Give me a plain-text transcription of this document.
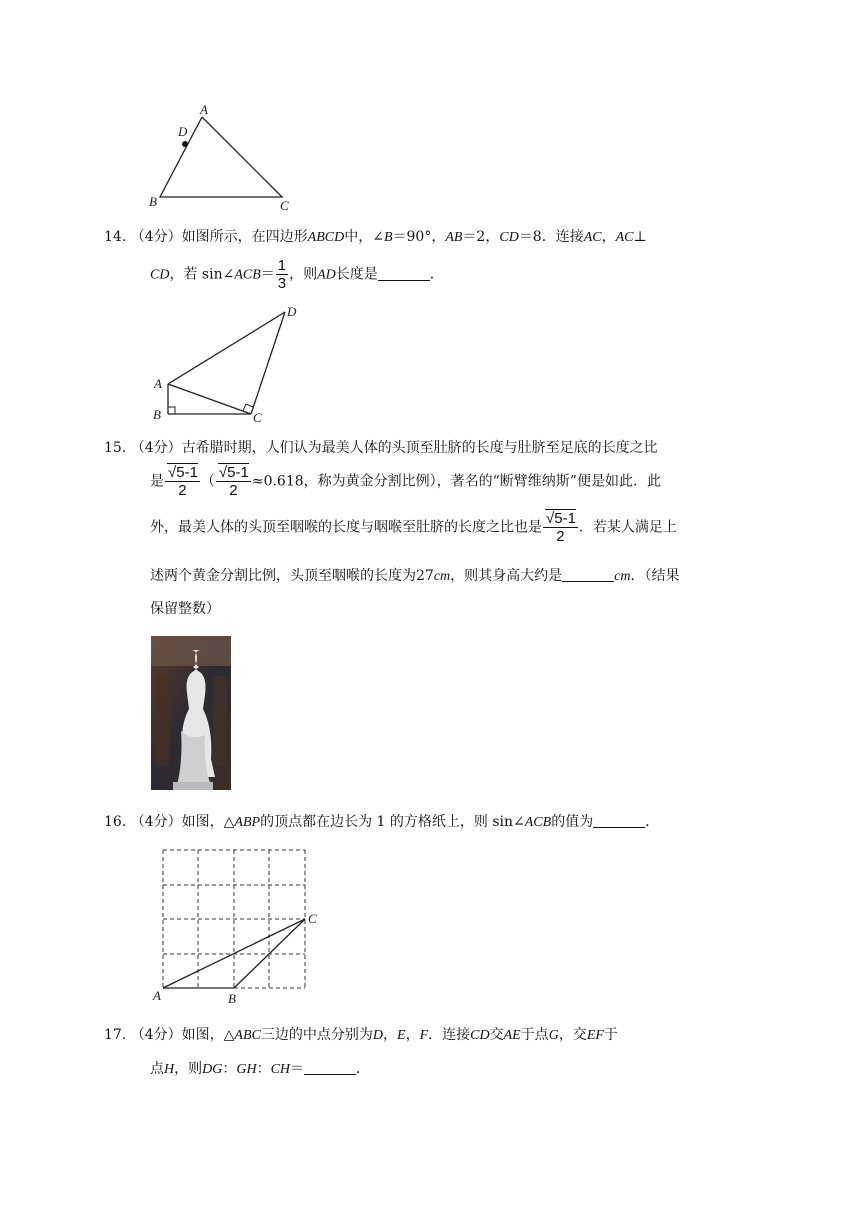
A
D
B	C
14. （4分）如图所示，在四边形ABCD中，∠B＝90°，AB＝2，CD＝8．连接AC，AC⊥
CD，若 sin∠ACB＝ $\frac{1}{3}$ ，则AD长度是	．
A
B	C
D
15. （4分）古希腊时期，人们认为最美人体的头顶至肚脐的长度与肚脐至足底的长度之比
是 $\frac{√5-1}{2}$ （ $\frac{√5-1}{2} \approx 0.618$，称为黄金分割比例），著名的“断臂维纳斯”便是如此．此
外，最美人体的头顶至咽喉的长度与咽喉至肚脐的长度之比也是 $\frac{√5-1}{2}$ ．若某人满足上
述两个黄金分割比例，头顶至咽喉的长度为27cm，则其身高大约是	cm．（结果
保留整数）
16. （4分）如图，△ABP的顶点都在边长为 1 的方格纸上，则 sin∠ACB的值为	．
A	B
C
17. （4分）如图，△ABC三边的中点分别为D，E，F．连接CD交AE于点G，交EF于
点H，则DG：GH：CH＝	．
